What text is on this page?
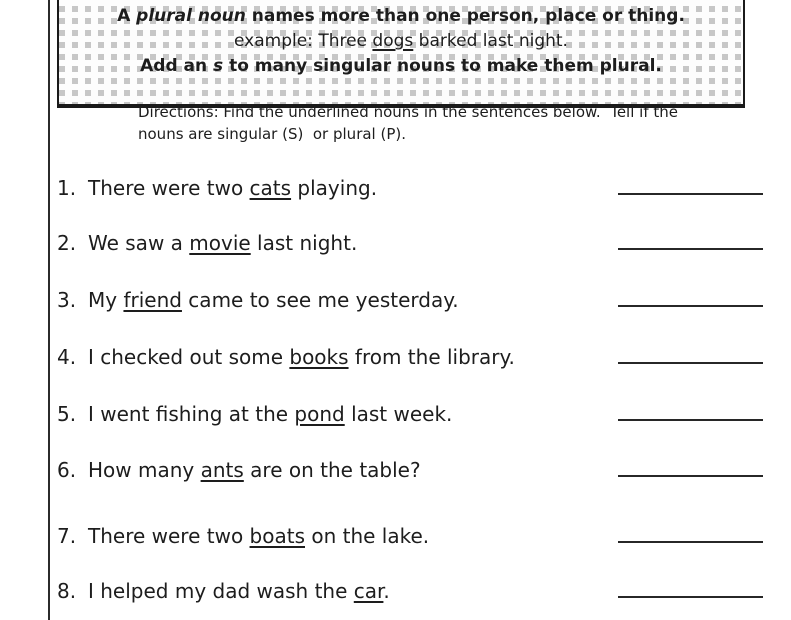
A plural noun names more than one person, place or thing.
example: Three dogs barked last night.
Add an s to many singular nouns to make them plural.
Directions: Find the underlined nouns in the sentences below.  Tell if the nouns are singular (S)  or plural (P).
1. There were two cats playing.
2. We saw a movie last night.
3. My friend came to see me yesterday.
4. I checked out some books from the library.
5. I went fishing at the pond last week.
6. How many ants are on the table?
7. There were two boats on the lake.
8. I helped my dad wash the car.
